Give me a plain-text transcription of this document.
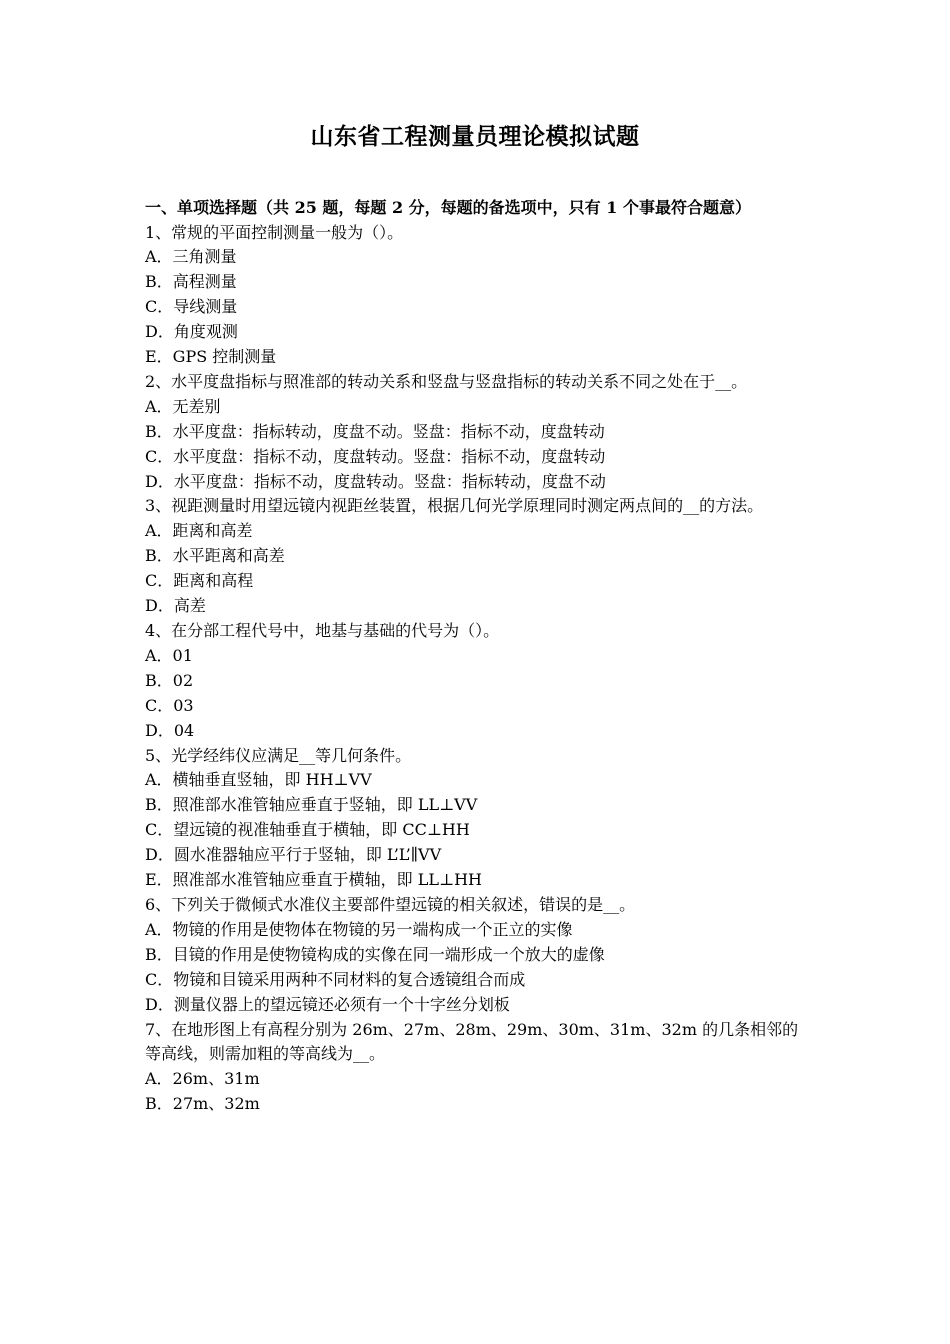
山东省工程测量员理论模拟试题
一、单项选择题（共 25 题，每题 2 分，每题的备选项中，只有 1 个事最符合题意）
1、常规的平面控制测量一般为（）。
A．三角测量
B．高程测量
C．导线测量
D．角度观测
E．GPS 控制测量
2、水平度盘指标与照准部的转动关系和竖盘与竖盘指标的转动关系不同之处在于__。
A．无差别
B．水平度盘：指标转动，度盘不动。竖盘：指标不动，度盘转动
C．水平度盘：指标不动，度盘转动。竖盘：指标不动，度盘转动
D．水平度盘：指标不动，度盘转动。竖盘：指标转动，度盘不动
3、视距测量时用望远镜内视距丝装置，根据几何光学原理同时测定两点间的__的方法。
A．距离和高差
B．水平距离和高差
C．距离和高程
D．高差
4、在分部工程代号中，地基与基础的代号为（）。
A．01
B．02
C．03
D．04
5、光学经纬仪应满足__等几何条件。
A．横轴垂直竖轴，即 HH⊥VV
B．照准部水准管轴应垂直于竖轴，即 LL⊥VV
C．望远镜的视准轴垂直于横轴，即 CC⊥HH
D．圆水准器轴应平行于竖轴，即 L’L’∥VV
E．照准部水准管轴应垂直于横轴，即 LL⊥HH
6、下列关于微倾式水准仪主要部件望远镜的相关叙述，错误的是__。
A．物镜的作用是使物体在物镜的另一端构成一个正立的实像
B．目镜的作用是使物镜构成的实像在同一端形成一个放大的虚像
C．物镜和目镜采用两种不同材料的复合透镜组合而成
D．测量仪器上的望远镜还必须有一个十字丝分划板
7、在地形图上有高程分别为 26m、27m、28m、29m、30m、31m、32m 的几条相邻的等高线，则需加粗的等高线为__。
A．26m、31m
B．27m、32m
